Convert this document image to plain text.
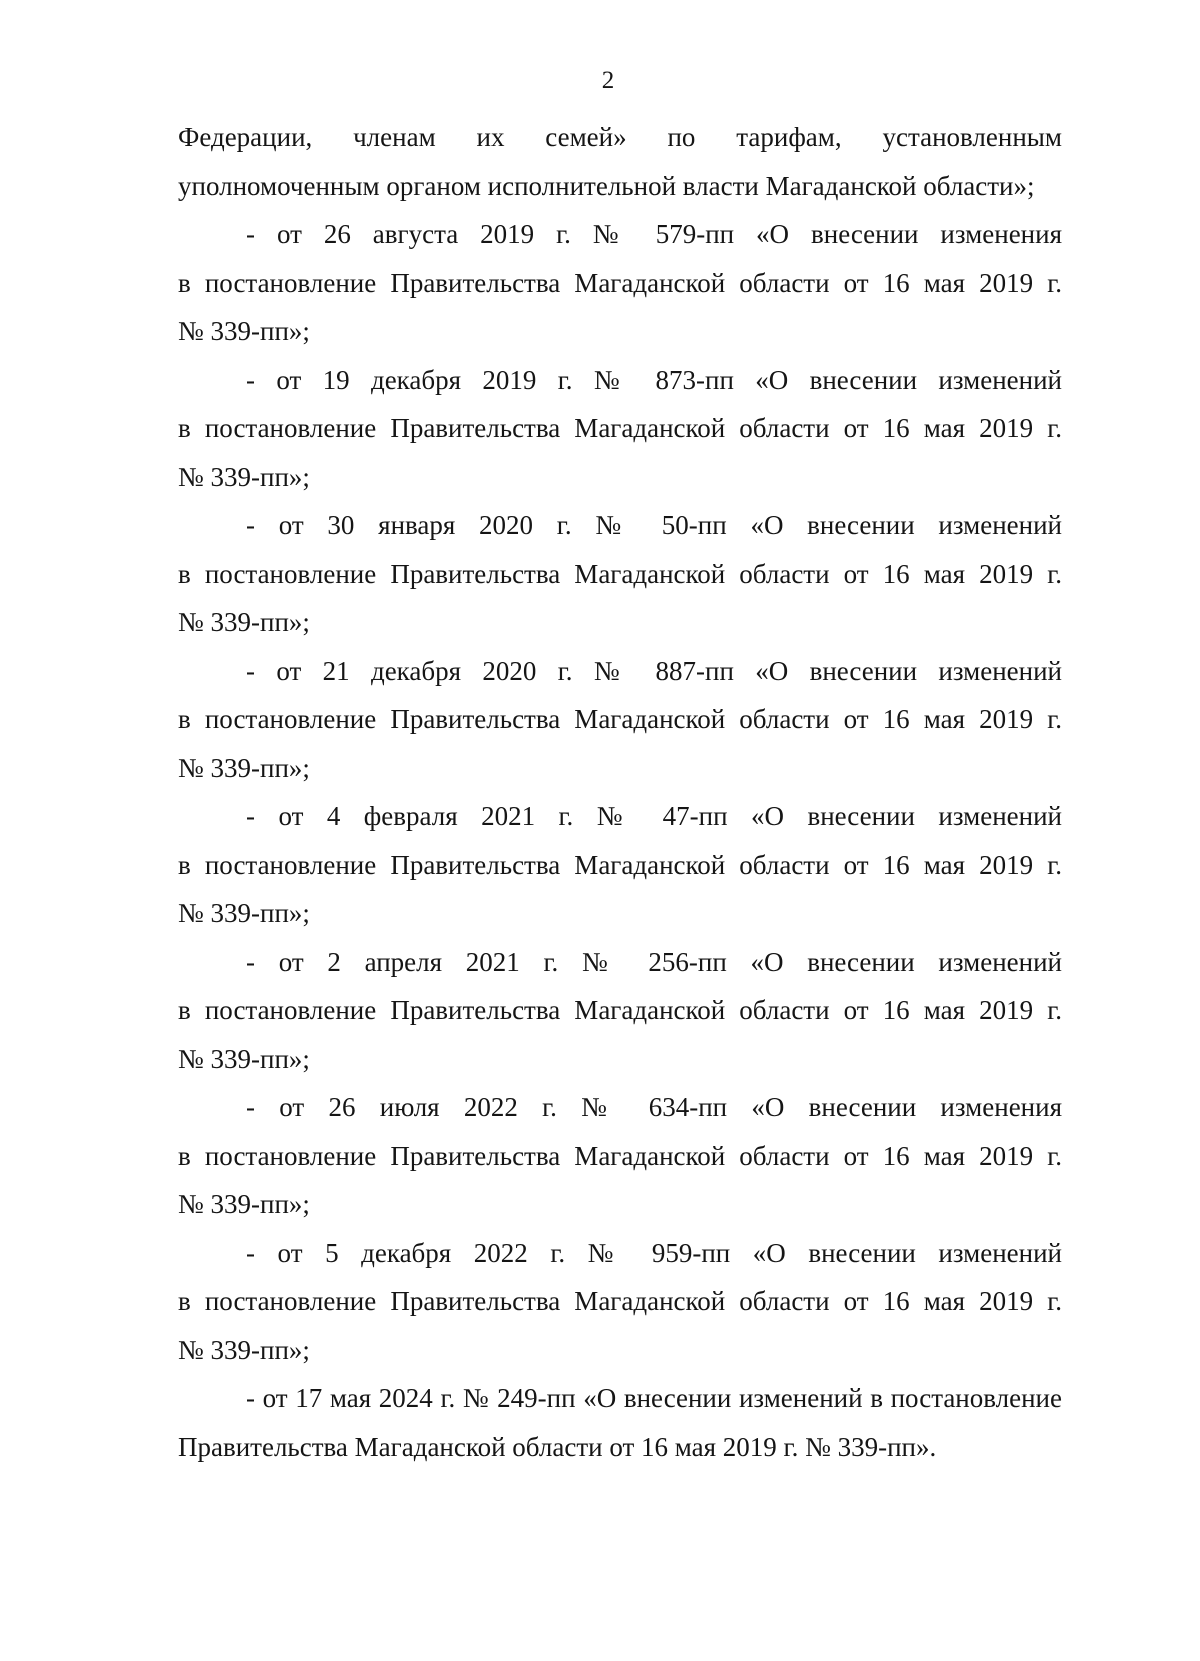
2
Федерации, членам их семей» по тарифам, установленным
уполномоченным органом исполнительной власти Магаданской области»;
- от 26 августа 2019 г. № 579-пп «О внесении изменения
в постановление Правительства Магаданской области от 16 мая 2019 г.
№ 339-пп»;
- от 19 декабря 2019 г. № 873-пп «О внесении изменений
в постановление Правительства Магаданской области от 16 мая 2019 г.
№ 339-пп»;
- от 30 января 2020 г. № 50-пп «О внесении изменений
в постановление Правительства Магаданской области от 16 мая 2019 г.
№ 339-пп»;
- от 21 декабря 2020 г. № 887-пп «О внесении изменений
в постановление Правительства Магаданской области от 16 мая 2019 г.
№ 339-пп»;
- от 4 февраля 2021 г. № 47-пп «О внесении изменений
в постановление Правительства Магаданской области от 16 мая 2019 г.
№ 339-пп»;
- от 2 апреля 2021 г. № 256-пп «О внесении изменений
в постановление Правительства Магаданской области от 16 мая 2019 г.
№ 339-пп»;
- от 26 июля 2022 г. № 634-пп «О внесении изменения
в постановление Правительства Магаданской области от 16 мая 2019 г.
№ 339-пп»;
- от 5 декабря 2022 г. № 959-пп «О внесении изменений
в постановление Правительства Магаданской области от 16 мая 2019 г.
№ 339-пп»;
- от 17 мая 2024 г. № 249-пп «О внесении изменений в постановление
Правительства Магаданской области от 16 мая 2019 г. № 339-пп».
